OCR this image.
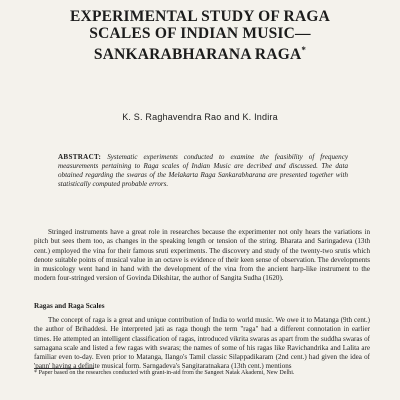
EXPERIMENTAL STUDY OF RAGA
SCALES OF INDIAN MUSIC—
SANKARABHARANA RAGA*
K. S. Raghavendra Rao and K. Indira
ABSTRACT: Systematic experiments conducted to examine the feasibility of frequency measurements pertaining to Raga scales of Indian Music are decribed and discussed. The data obtained regarding the swaras of the Melakarta Raga Sankarabharana are presented together with statistically computed probable errors.

Stringed instruments have a great role in researches because the experimenter not only hears the variations in pitch but sees them too, as changes in the speaking length or tension of the string. Bharata and Saringadeva (13th cent.) employed the vina for their famous sruti experiments. The discovery and study of the twenty-two srutis which denote suitable points of musical value in an octave is evidence of their keen sense of observation. The developments in musicology went hand in hand with the development of the vina from the ancient harp-like instrument to the modern four-stringed version of Govinda Dikshitar, the author of Sangita Sudha (1620).

Ragas and Raga Scales

The concept of raga is a great and unique contribution of India to world music. We owe it to Matanga (9th cent.) the author of Brihaddesi. He interpreted jati as raga though the term "raga" had a different connotation in earlier times. He attempted an intelligent classification of ragas, introduced vikrita swaras as apart from the suddha swaras of samagana scale and listed a few ragas with swaras; the names of some of his ragas like Ravichandrika and Lalita are familiar even to-day. Even prior to Matanga, Ilango's Tamil classic Silappadikaram (2nd cent.) had given the idea of 'pann' having a definite musical form. Sarngadeva's Sangitaratnakara (13th cent.) mentions

* Paper based on the researches conducted with grant-in-aid from the Sangeet Natak Akademi, New Delhi.
